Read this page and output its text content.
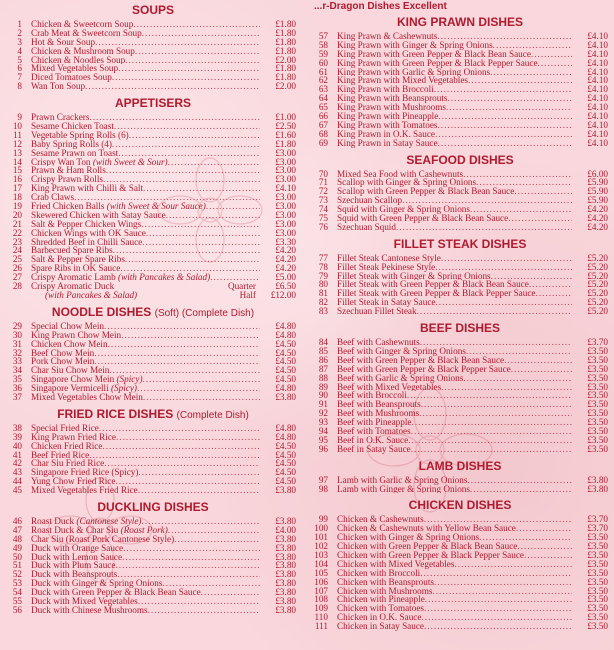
SOUPS
1 Chicken & Sweetcorn Soup .....	£1.80
2 Crab Meat & Sweetcorn Soup .....	£1.80
3 Hot & Sour Soup .....	£1.80
4 Chicken & Mushroom Soup .....	£1.80
5 Chicken & Noodles Soup .....	£2.00
6 Mixed Vegetables Soup .....	£1.80
7 Diced Tomatoes Soup .....	£1.80
8 Wan Ton Soup .....	£2.00
APPETISERS
9 Prawn Crackers .....	£1.00
10 Sesame Chicken Toast .....	£2.50
11 Vegetable Spring Rolls (6) .....	£1.60
12 Baby Spring Rolls (4) .....	£1.80
13 Sesame Prawn on Toast .....	£3.00
14 Crispy Wan Ton (with Sweet & Sour) .....	£3.00
15 Prawn & Ham Rolls .....	£3.00
16 Crispy Prawn Rolls .....	£3.00
17 King Prawn with Chilli & Salt .....	£4.10
18 Crab Claws .....	£3.00
19 Fried Chicken Balls (with Sweet & Sour Sauce) .....	£3.00
20 Skewered Chicken with Satay Sauce .....	£3.00
21 Salt & Pepper Chicken Wings .....	£3.00
22 Chicken Wings with OK Sauce .....	£3.00
23 Shredded Beef in Chilli Sauce .....	£3.30
24 Barbecued Spare Ribs .....	£4.20
25 Salt & Pepper Spare Ribs .....	£4.20
26 Spare Ribs in OK Sauce .....	£4.20
27 Crispy Aromatic Lamb (with Pancakes & Salad) .....	£5.00
28 Crispy Aromatic Duck	Quarter	£6.50
(with Pancakes & Salad)	Half	£12.00
NOODLE DISHES (Soft) (Complete Dish)
29 Special Chow Mein .....	£4.80
30 King Prawn Chow Mein .....	£4.80
31 Chicken Chow Mein .....	£4.50
32 Beef Chow Mein .....	£4.50
33 Pork Chow Mein .....	£4.50
34 Char Siu Chow Mein .....	£4.50
35 Singapore Chow Mein (Spicy) .....	£4.50
36 Singapore Vermicelli (Spicy) .....	£4.80
37 Mixed Vegetables Chow Mein .....	£3.80
FRIED RICE DISHES (Complete Dish)
38 Special Fried Rice .....	£4.80
39 King Prawn Fried Rice .....	£4.80
40 Chicken Fried Rice .....	£4.50
41 Beef Fried Rice .....	£4.50
42 Char Siu Fried Rice .....	£4.50
43 Singapore Fried Rice (Spicy) .....	£4.50
44 Yung Chow Fried Rice .....	£4.50
45 Mixed Vegetables Fried Rice .....	£3.80
DUCKLING DISHES
46 Roast Duck (Cantonese Style) .....	£3.80
47 Roast Duck & Char Siu (Roast Pork) .....	£4.00
48 Char Siu (Roast Pork Cantonese Style) .....	£3.80
49 Duck with Orange Sauce .....	£3.80
50 Duck with Lemon Sauce .....	£3.80
51 Duck with Plum Sauce .....	£3.80
52 Duck with Beansprouts .....	£3.80
53 Duck with Ginger & Spring Onions .....	£3.80
54 Duck with Green Pepper & Black Bean Sauce .....	£3.80
55 Duck with Mixed Vegetables .....	£3.80
56 Duck with Chinese Mushrooms .....	£3.80
...r-Dragon Dishes Excellent
KING PRAWN DISHES
57 King Prawn & Cashewnuts .....	£4.10
58 King Prawn with Ginger & Spring Onions .....	£4.10
59 King Prawn with Green Pepper & Black Bean Sauce .....	£4.10
60 King Prawn with Green Pepper & Black Pepper Sauce .....	£4.10
61 King Prawn with Garlic & Spring Onions .....	£4.10
62 King Prawn with Mixed Vegetables .....	£4.10
63 King Prawn with Broccoli .....	£4.10
64 King Prawn with Beansprouts .....	£4.10
65 King Prawn with Mushrooms .....	£4.10
66 King Prawn with Pineapple .....	£4.10
67 King Prawn with Tomatoes .....	£4.10
68 King Prawn in O.K. Sauce .....	£4.10
69 King Prawn in Satay Sauce .....	£4.10
SEAFOOD DISHES
70 Mixed Sea Food with Cashewnuts .....	£6.00
71 Scallop with Ginger & Spring Onions .....	£5.90
72 Scallop with Green Pepper & Black Bean Sauce .....	£5.90
73 Szechuan Scallop .....	£5.90
74 Squid with Ginger & Spring Onions .....	£4.20
75 Squid with Green Pepper & Black Bean Sauce .....	£4.20
76 Szechuan Squid .....	£4.20
FILLET STEAK DISHES
77 Fillet Steak Cantonese Style .....	£5.20
78 Fillet Steak Pekinese Style .....	£5.20
79 Fillet Steak with Ginger & Spring Onions .....	£5.20
80 Fillet Steak with Green Pepper & Black Bean Sauce .....	£5.20
81 Fillet Steak with Green Pepper & Black Pepper Sauce .....	£5.20
82 Fillet Steak in Satay Sauce .....	£5.20
83 Szechuan Fillet Steak .....	£5.20
BEEF DISHES
84 Beef with Cashewnuts .....	£3.70
85 Beef with Ginger & Spring Onions .....	£3.50
86 Beef with Green Pepper & Black Bean Sauce .....	£3.50
87 Beef with Green Pepper & Black Pepper Sauce .....	£3.50
88 Beef with Garlic & Spring Onions .....	£3.50
89 Beef with Mixed Vegetables .....	£3.50
90 Beef with Broccoli .....	£3.50
91 Beef with Beansprouts .....	£3.50
92 Beef with Mushrooms .....	£3.50
93 Beef with Pineapple .....	£3.50
94 Beef with Tomatoes .....	£3.50
95 Beef in O.K. Sauce .....	£3.50
96 Beef in Satay Sauce .....	£3.50
LAMB DISHES
97 Lamb with Garlic & Spring Onions .....	£3.80
98 Lamb with Ginger & Spring Onions .....	£3.80
CHICKEN DISHES
99 Chicken & Cashewnuts .....	£3.70
100 Chicken & Cashewnuts with Yellow Bean Sauce .....	£3.70
101 Chicken with Ginger & Spring Onions .....	£3.50
102 Chicken with Green Pepper & Black Bean Sauce .....	£3.50
103 Chicken with Green Pepper & Black Pepper Sauce .....	£3.50
104 Chicken with Mixed Vegetables .....	£3.50
105 Chicken with Broccoli .....	£3.50
106 Chicken with Beansprouts .....	£3.50
107 Chicken with Mushrooms .....	£3.50
108 Chicken with Pineapple .....	£3.50
109 Chicken with Tomatoes .....	£3.50
110 Chicken in O.K. Sauce .....	£3.50
111 Chicken in Satay Sauce .....	£3.50
